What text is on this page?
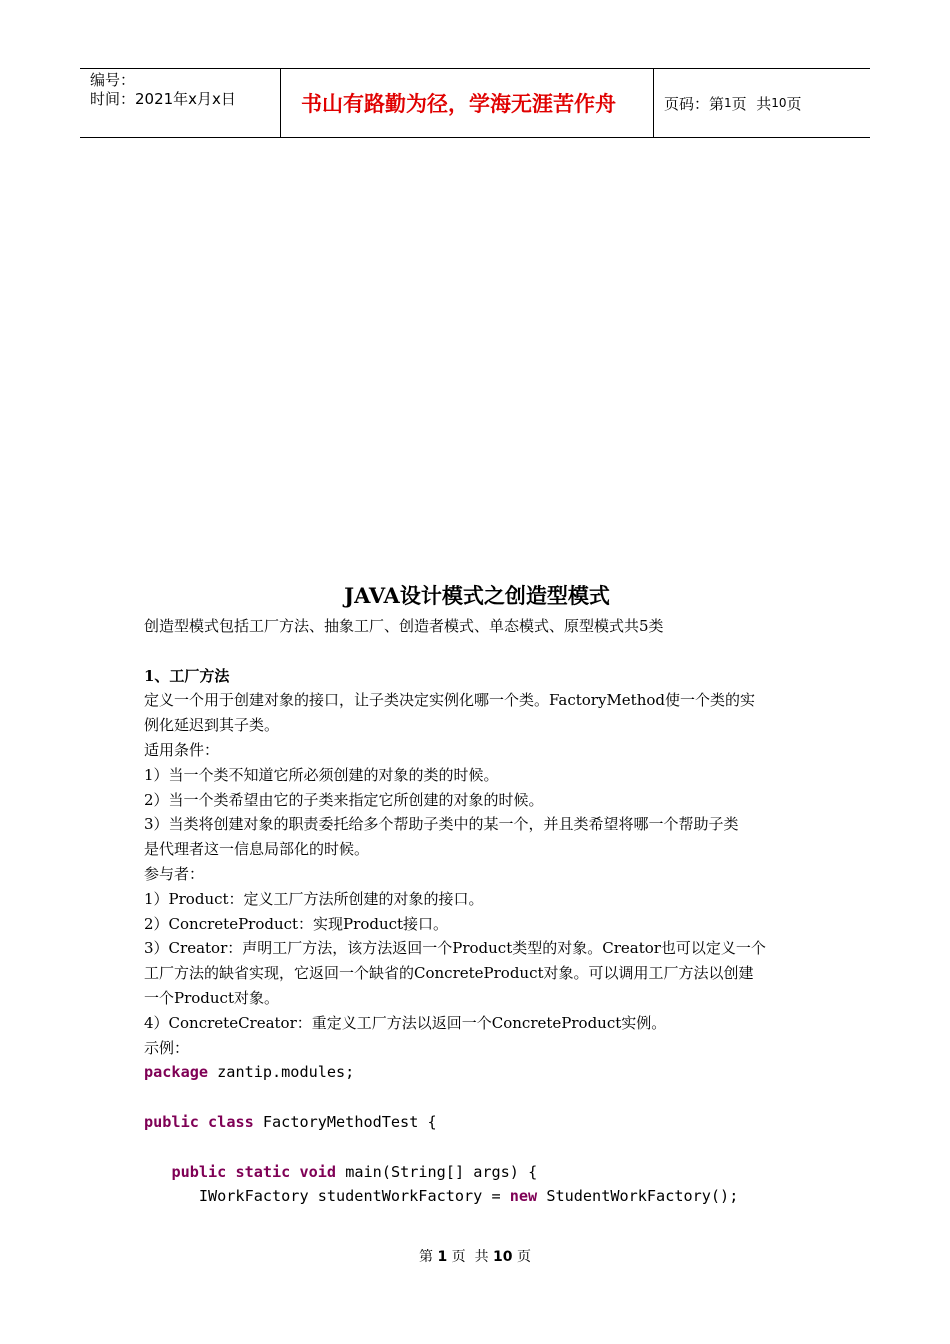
编号：
时间：2021年x月x日	书山有路勤为径，学海无涯苦作舟	页码：第 1 页  共 10 页
JAVA设计模式之创造型模式
创造型模式包括工厂方法、抽象工厂、创造者模式、单态模式、原型模式共5类
1、工厂方法
定义一个用于创建对象的接口，让子类决定实例化哪一个类。FactoryMethod使一个类的实
例化延迟到其子类。
适用条件：
1）当一个类不知道它所必须创建的对象的类的时候。
2）当一个类希望由它的子类来指定它所创建的对象的时候。
3）当类将创建对象的职责委托给多个帮助子类中的某一个，并且类希望将哪一个帮助子类
是代理者这一信息局部化的时候。
参与者：
1）Product：定义工厂方法所创建的对象的接口。
2）ConcreteProduct：实现Product接口。
3）Creator：声明工厂方法，该方法返回一个Product类型的对象。Creator也可以定义一个
工厂方法的缺省实现，它返回一个缺省的ConcreteProduct对象。可以调用工厂方法以创建
一个Product对象。
4）ConcreteCreator：重定义工厂方法以返回一个ConcreteProduct实例。
示例：
package zantip.modules;
public class FactoryMethodTest {
public static void main(String[] args) {
IWorkFactory studentWorkFactory = new StudentWorkFactory();
第 1 页  共 10 页
